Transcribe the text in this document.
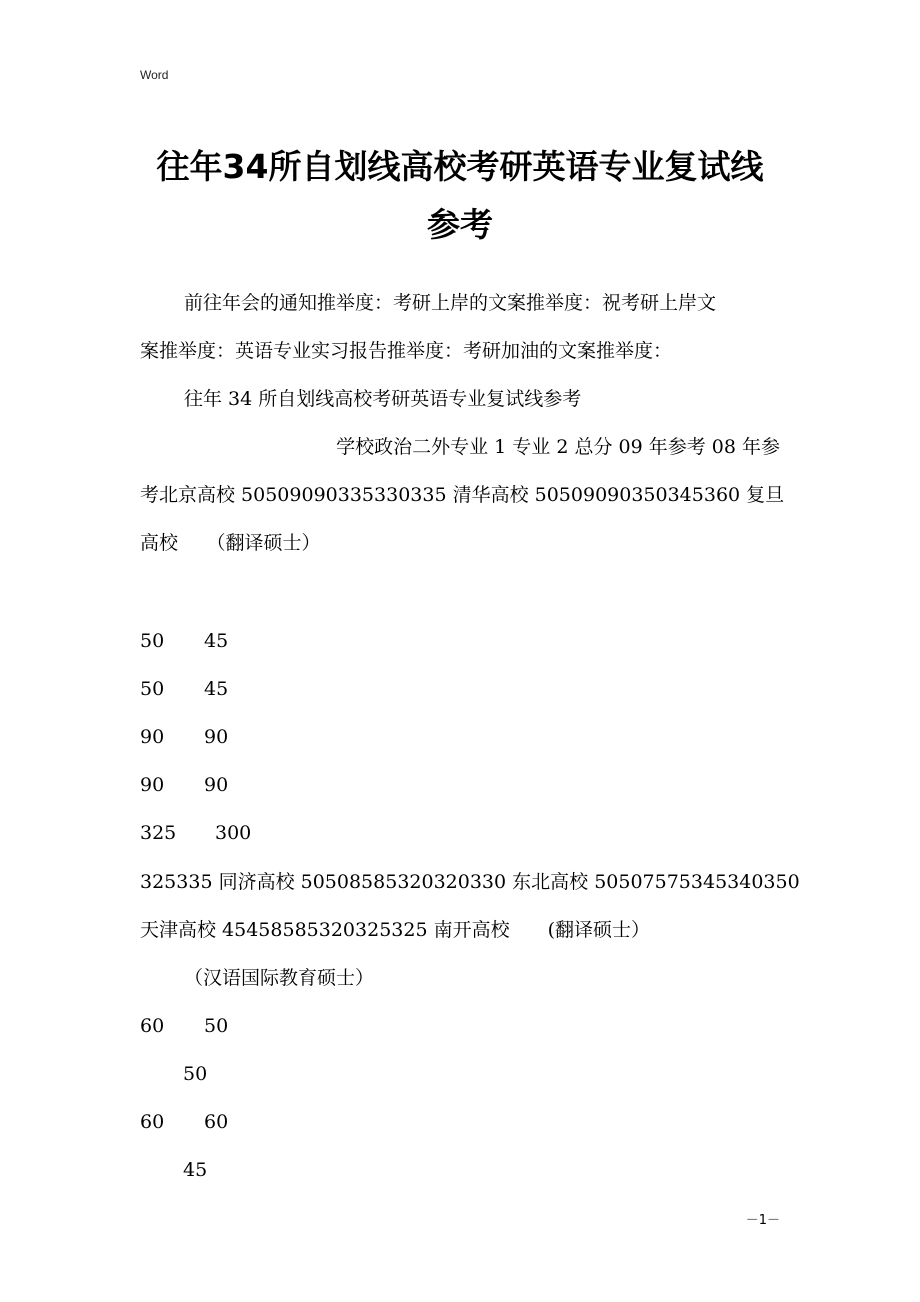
Word
往年34所自划线高校考研英语专业复试线
参考
前往年会的通知推举度：考研上岸的文案推举度：祝考研上岸文
案推举度：英语专业实习报告推举度：考研加油的文案推举度：
往年 34 所自划线高校考研英语专业复试线参考
学校政治二外专业 1 专业 2 总分 09 年参考 08 年参
考北京高校 50509090335330335 清华高校 50509090350345360 复旦
高校　　（翻译硕士）
50 45
50 45
90 90
90 90
325 300
325335 同济高校 50508585320320330 东北高校 50507575345340350
天津高校 45458585320325325 南开高校　　(翻译硕士）
（汉语国际教育硕士）
60 50
50
60 60
45
－1－
